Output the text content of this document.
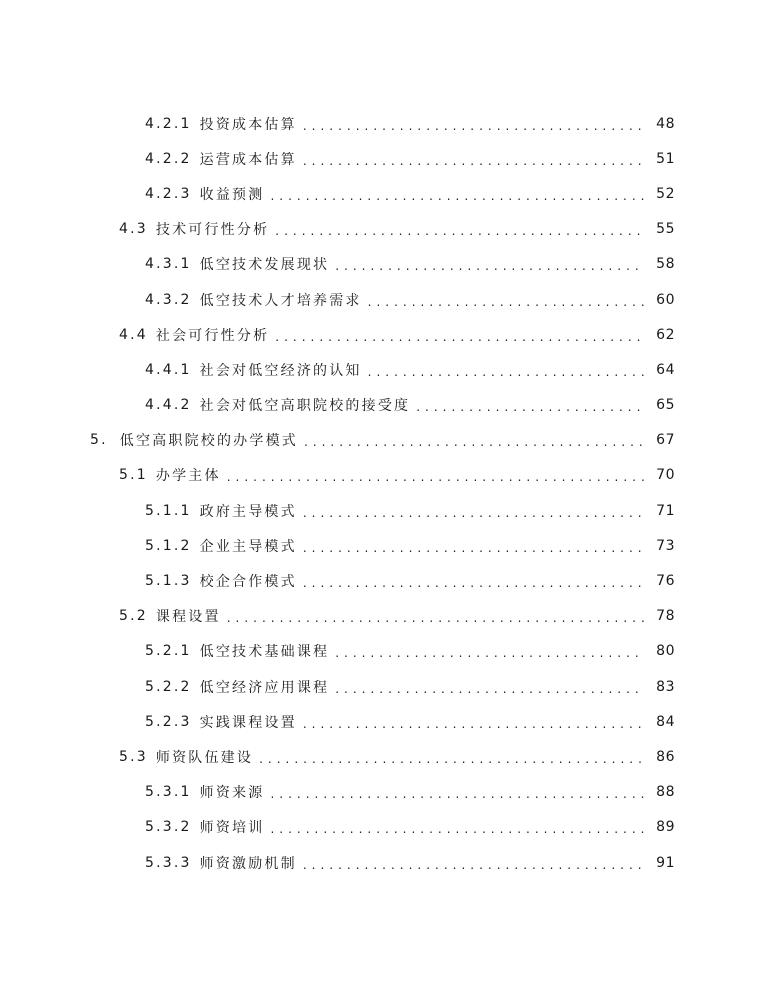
4.2.1 投资成本估算 .....	48
4.2.2 运营成本估算 .....	51
4.2.3 收益预测 .....	52
4.3 技术可行性分析 .....	55
4.3.1 低空技术发展现状 .....	58
4.3.2 低空技术人才培养需求 .....	60
4.4 社会可行性分析 .....	62
4.4.1 社会对低空经济的认知 .....	64
4.4.2 社会对低空高职院校的接受度 .....	65
5. 低空高职院校的办学模式 .....	67
5.1 办学主体 .....	70
5.1.1 政府主导模式 .....	71
5.1.2 企业主导模式 .....	73
5.1.3 校企合作模式 .....	76
5.2 课程设置 .....	78
5.2.1 低空技术基础课程 .....	80
5.2.2 低空经济应用课程 .....	83
5.2.3 实践课程设置 .....	84
5.3 师资队伍建设 .....	86
5.3.1 师资来源 .....	88
5.3.2 师资培训 .....	89
5.3.3 师资激励机制 .....	91
